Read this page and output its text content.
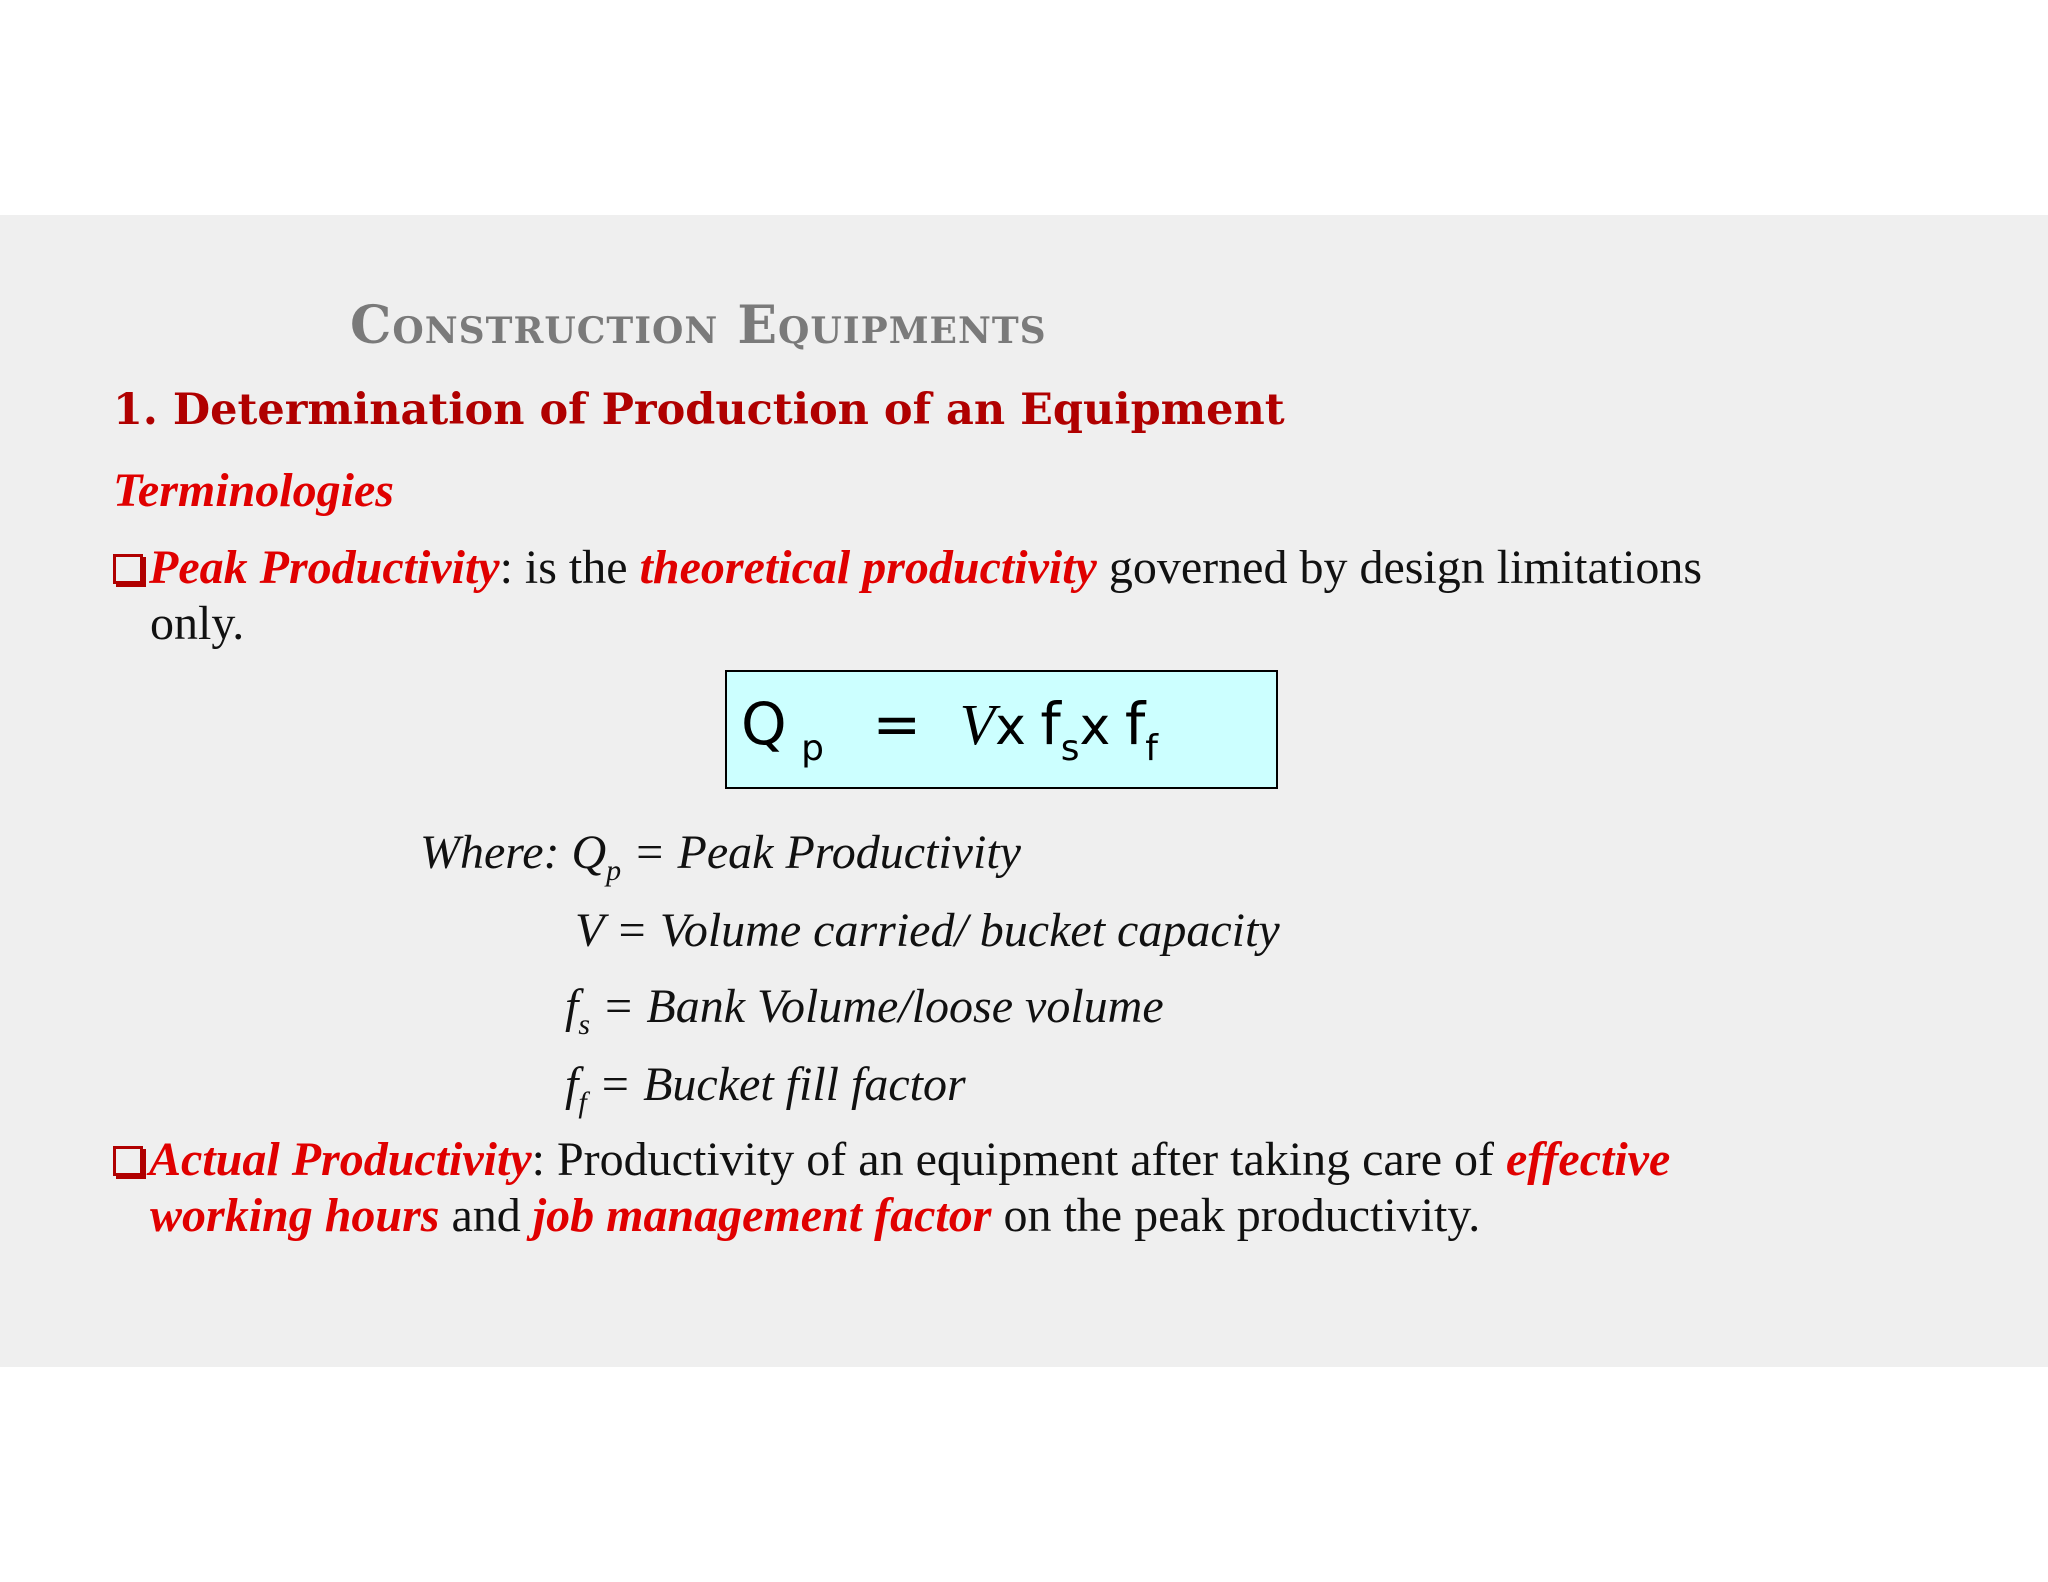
Construction Equipments
1. Determination of Production of an Equipment
Terminologies
Peak Productivity: is the theoretical productivity governed by design limitations
only.
Q $_p$ = Vx $f_sx$ $f_f$
Where: $Q_p$ = Peak Productivity
V = Volume carried/ bucket capacity
$f_s$ = Bank Volume/loose volume
$f_f$ = Bucket fill factor
Actual Productivity: Productivity of an equipment after taking care of effective
working hours and job management factor on the peak productivity.
